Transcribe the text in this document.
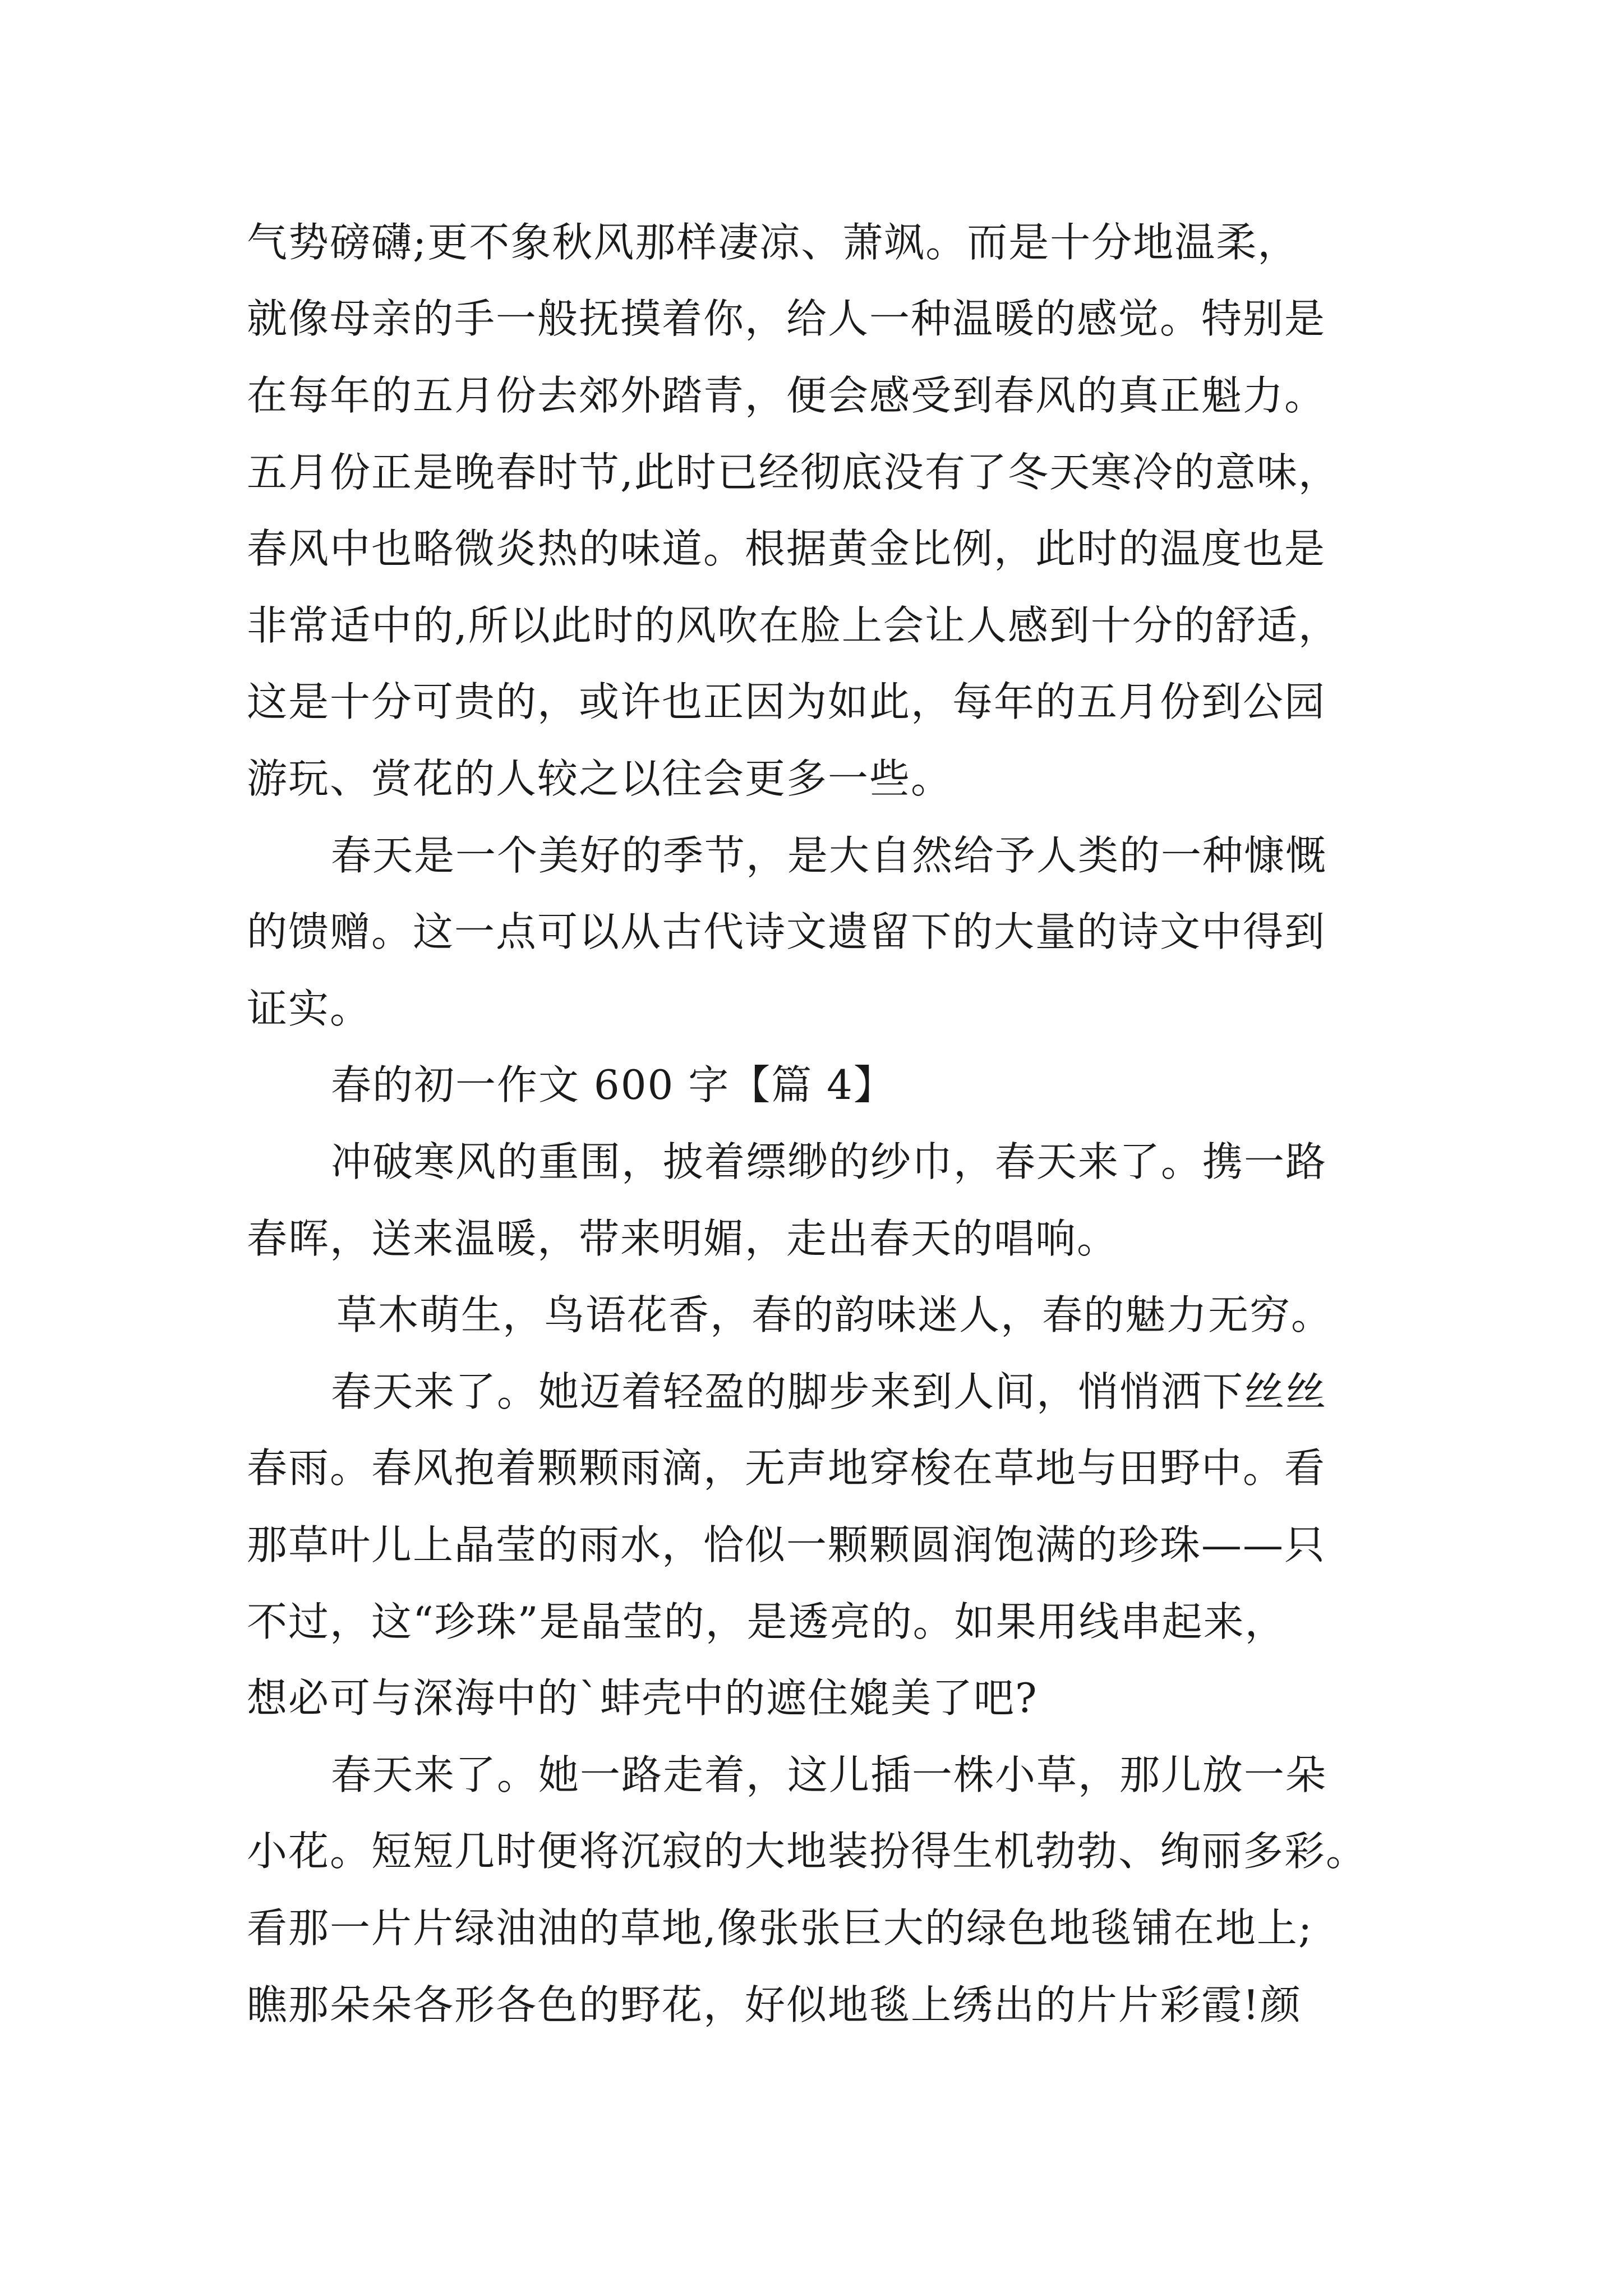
气势磅礴;更不象秋风那样凄凉、萧飒。而是十分地温柔，
就像母亲的手一般抚摸着你，给人一种温暖的感觉。特别是
在每年的五月份去郊外踏青，便会感受到春风的真正魁力。
五月份正是晚春时节,此时已经彻底没有了冬天寒冷的意味，
春风中也略微炎热的味道。根据黄金比例，此时的温度也是
非常适中的,所以此时的风吹在脸上会让人感到十分的舒适，
这是十分可贵的，或许也正因为如此，每年的五月份到公园
游玩、赏花的人较之以往会更多一些。
春天是一个美好的季节，是大自然给予人类的一种慷慨
的馈赠。这一点可以从古代诗文遗留下的大量的诗文中得到
证实。
春的初一作文 600 字【篇 4】
冲破寒风的重围，披着缥缈的纱巾，春天来了。携一路
春晖，送来温暖，带来明媚，走出春天的唱响。
草木萌生，鸟语花香，春的韵味迷人，春的魅力无穷。
春天来了。她迈着轻盈的脚步来到人间，悄悄洒下丝丝
春雨。春风抱着颗颗雨滴，无声地穿梭在草地与田野中。看
那草叶儿上晶莹的雨水，恰似一颗颗圆润饱满的珍珠——只
不过，这“珍珠”是晶莹的，是透亮的。如果用线串起来，
想必可与深海中的`蚌壳中的遮住媲美了吧?
春天来了。她一路走着，这儿插一株小草，那儿放一朵
小花。短短几时便将沉寂的大地装扮得生机勃勃、绚丽多彩。
看那一片片绿油油的草地,像张张巨大的绿色地毯铺在地上;
瞧那朵朵各形各色的野花，好似地毯上绣出的片片彩霞!颜
